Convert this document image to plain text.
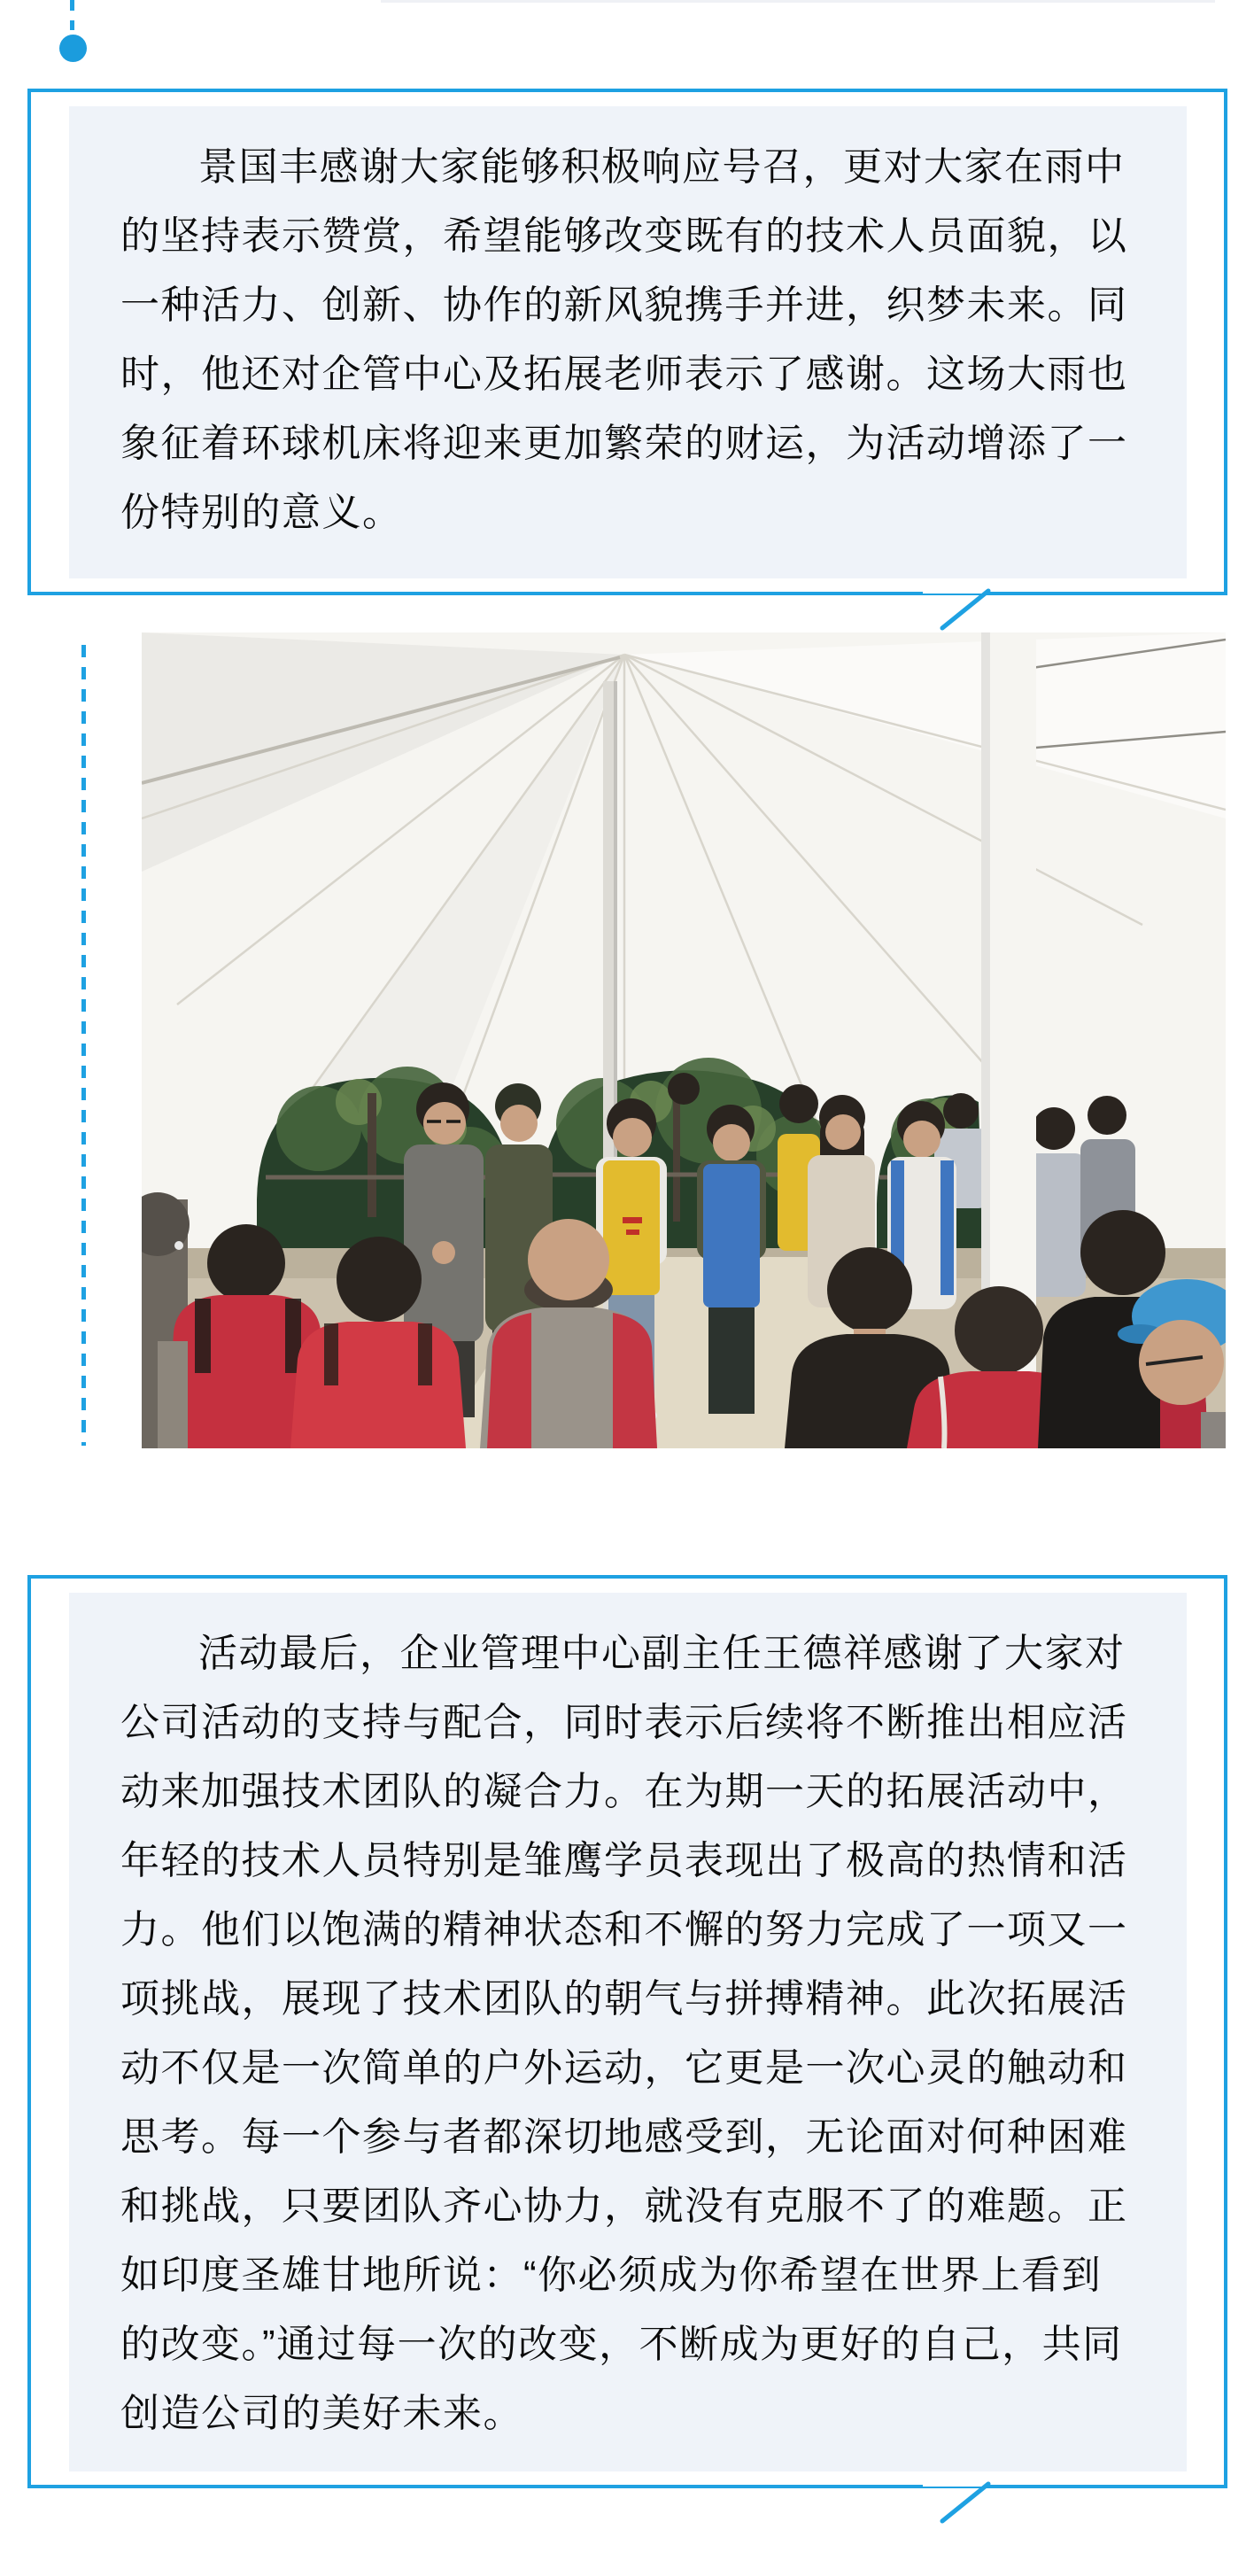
景国丰感谢大家能够积极响应号召，更对大家在雨中的坚持表示赞赏，希望能够改变既有的技术人员面貌，以一种活力、创新、协作的新风貌携手并进，织梦未来。同时，他还对企管中心及拓展老师表示了感谢。这场大雨也象征着环球机床将迎来更加繁荣的财运，为活动增添了一份特别的意义。

活动最后，企业管理中心副主任王德祥感谢了大家对公司活动的支持与配合，同时表示后续将不断推出相应活动来加强技术团队的凝合力。在为期一天的拓展活动中，年轻的技术人员特别是雏鹰学员表现出了极高的热情和活力。他们以饱满的精神状态和不懈的努力完成了一项又一项挑战，展现了技术团队的朝气与拼搏精神。此次拓展活动不仅是一次简单的户外运动，它更是一次心灵的触动和思考。每一个参与者都深切地感受到，无论面对何种困难和挑战，只要团队齐心协力，就没有克服不了的难题。正如印度圣雄甘地所说：“你必须成为你希望在世界上看到的改变。”通过每一次的改变，不断成为更好的自己，共同创造公司的美好未来。
